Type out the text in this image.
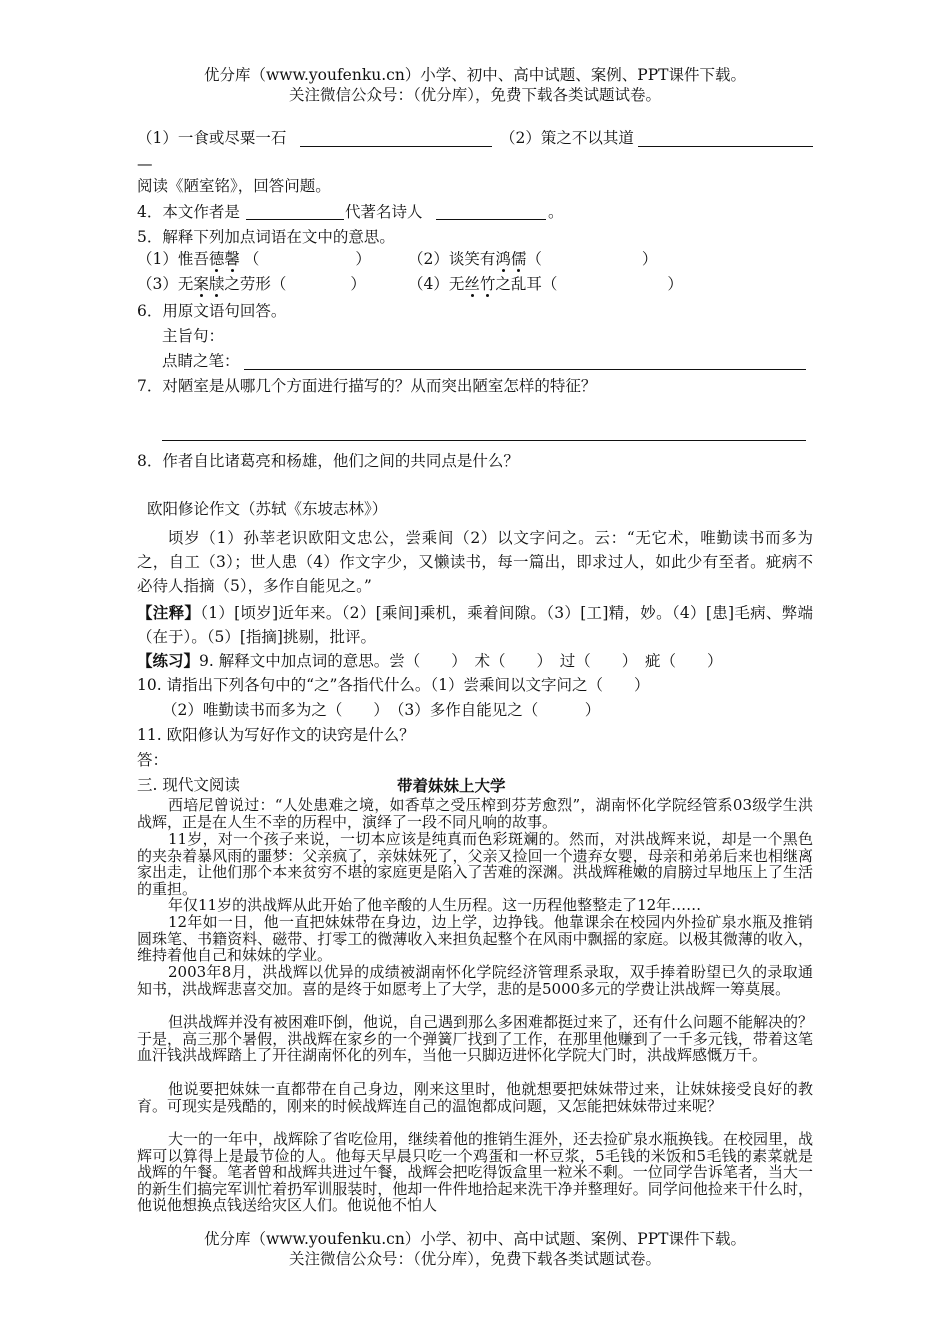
优分库（www.youfenku.cn）小学、初中、高中试题、案例、PPT课件下载。
关注微信公众号：（优分库），免费下载各类试题试卷。
（1）一食或尽粟一石	（2）策之不以其道
—
阅读《陋室铭》，回答问题。
4．本文作者是	代著名诗人	。
5．解释下列加点词语在文中的意思。
（1）惟吾德馨 （	） （2）谈笑有鸿儒（	）
（3）无案牍之劳形（	）	（4）无丝竹之乱耳（	）
6．用原文语句回答。
主旨句：
点睛之笔：
7．对陋室是从哪几个方面进行描写的？从而突出陋室怎样的特征？
8．作者自比诸葛亮和杨雄，他们之间的共同点是什么？
欧阳修论作文（苏轼《东坡志林》）
顷岁（1）孙莘老识欧阳文忠公，尝乘间（2）以文字问之。云：“无它术，唯勤读书而多为之，自工（3）；世人患（4）作文字少，又懒读书，每一篇出，即求过人，如此少有至者。疵病不必待人指摘（5），多作自能见之。”
【注释】（1）[顷岁]近年来。（2）[乘间]乘机，乘着间隙。（3）[工]精，妙。（4）[患]毛病、弊端（在于）。（5）[指摘]挑剔，批评。
【练习】9. 解释文中加点词的意思。尝（　　）　术（　　）　过（　　）　疵（　　）
10. 请指出下列各句中的“之”各指代什么。（1）尝乘间以文字问之（　　）
（2）唯勤读书而多为之（　　）　（3）多作自能见之（　　　）
11. 欧阳修认为写好作文的诀窍是什么？
答：
三. 现代文阅读	带着妹妹上大学
西培尼曾说过：“人处患难之境，如香草之受压榨到芬芳愈烈”，湖南怀化学院经管系03级学生洪战辉，正是在人生不幸的历程中，演绎了一段不同凡响的故事。
11岁，对一个孩子来说，一切本应该是纯真而色彩斑斓的。然而，对洪战辉来说，却是一个黑色的夹杂着暴风雨的噩梦：父亲疯了，亲妹妹死了，父亲又捡回一个遗弃女婴，母亲和弟弟后来也相继离家出走，让他们那个本来贫穷不堪的家庭更是陷入了苦难的深渊。洪战辉稚嫩的肩膀过早地压上了生活的重担。
年仅11岁的洪战辉从此开始了他辛酸的人生历程。这一历程他整整走了12年……
12年如一日，他一直把妹妹带在身边，边上学，边挣钱。他靠课余在校园内外捡矿泉水瓶及推销圆珠笔、书籍资料、磁带、打零工的微薄收入来担负起整个在风雨中飘摇的家庭。以极其微薄的收入，维持着他自己和妹妹的学业。
2003年8月，洪战辉以优异的成绩被湖南怀化学院经济管理系录取，双手捧着盼望已久的录取通知书，洪战辉悲喜交加。喜的是终于如愿考上了大学，悲的是5000多元的学费让洪战辉一筹莫展。
但洪战辉并没有被困难吓倒，他说，自己遇到那么多困难都挺过来了，还有什么问题不能解决的？于是，高三那个暑假，洪战辉在家乡的一个弹簧厂找到了工作，在那里他赚到了一千多元钱，带着这笔血汗钱洪战辉踏上了开往湖南怀化的列车，当他一只脚迈进怀化学院大门时，洪战辉感慨万千。
他说要把妹妹一直都带在自己身边，刚来这里时，他就想要把妹妹带过来，让妹妹接受良好的教育。可现实是残酷的，刚来的时候战辉连自己的温饱都成问题，又怎能把妹妹带过来呢？
大一的一年中，战辉除了省吃俭用，继续着他的推销生涯外，还去捡矿泉水瓶换钱。在校园里，战辉可以算得上是最节俭的人。他每天早晨只吃一个鸡蛋和一杯豆浆，5毛钱的米饭和5毛钱的素菜就是战辉的午餐。笔者曾和战辉共进过午餐，战辉会把吃得饭盒里一粒米不剩。一位同学告诉笔者，当大一的新生们搞完军训忙着扔军训服装时，他却一件件地拾起来洗干净并整理好。同学问他捡来干什么时，他说他想换点钱送给灾区人们。他说他不怕人
优分库（www.youfenku.cn）小学、初中、高中试题、案例、PPT课件下载。
关注微信公众号：（优分库），免费下载各类试题试卷。
